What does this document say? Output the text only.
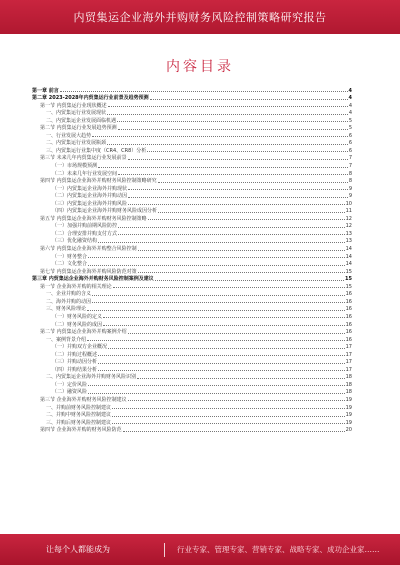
内贸集运企业海外并购财务风险控制策略研究报告
内容目录
第一章 前言	4
第二章 2023-2028年内贸集运行业前景及趋势预测	4
第一节 内贸集运行业现状概述	4
一、内贸集运行业发展现状	4
二、内贸集运企业发展面临机遇	5
第二节 内贸集运行业发展趋势预测	5
一、行业发展大趋势	6
二、内贸集运行业发展瓶颈	6
三、内贸集运行业集中度（CR4、CR8）分析	6
第三节 未来几年内贸集运行业发展前景	7
（一）市场规模预测	7
（二）未来几年行业发展空间	8
第四节 内贸集运企业海外并购财务风险控制策略研究	8
（一）内贸集运企业海外并购现状	9
（二）内贸集运企业海外并购动因	9
（三）内贸集运企业海外并购风险	10
（四）内贸集运企业海外并购财务风险成因分析	11
第五节 内贸集运企业海外并购财务风险控制策略	12
（一）加强并购前期风险防控	12
（二）合理安排并购支付方式	13
（三）优化融资结构	13
第六节 内贸集运企业海外并购整合风险控制	14
（一）财务整合	14
（二）文化整合	14
第七节 内贸集运企业海外并购风险防范对策	15
第三章 内贸集运企业海外并购财务风险控制案例及建议	15
第一节 企业海外并购的相关理论	15
一、企业并购的含义	16
二、海外并购的动因	16
三、财务风险理论	16
（一）财务风险的定义	16
（二）财务风险的成因	16
第二节 内贸集运企业海外并购案例介绍	16
一、案例背景介绍	16
（一）并购双方企业概况	17
（二）并购过程概述	17
（三）并购动因分析	17
（四）并购结果分析	17
二、内贸集运企业海外并购财务风险识别	18
（一）定价风险	18
（二）融资风险	18
第三节 企业海外并购财务风险控制建议	19
一、并购前财务风险控制建议	19
二、并购中财务风险控制建议	19
三、并购后财务风险控制建议	19
第四节 企业海外并购的财务风险防范	20
让每个人都能成为	行业专家、管理专家、营销专家、战略专家、成功企业家……
